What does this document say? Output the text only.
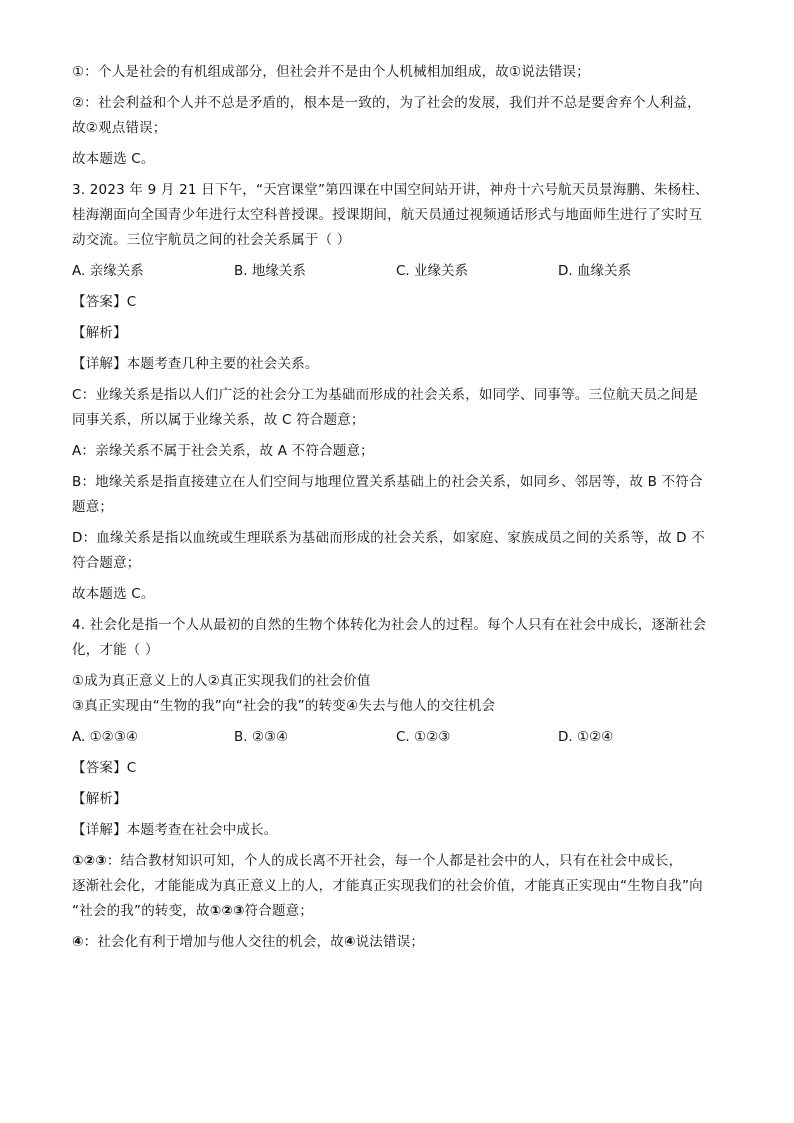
①：个人是社会的有机组成部分，但社会并不是由个人机械相加组成，故①说法错误；

②：社会利益和个人并不总是矛盾的，根本是一致的，为了社会的发展，我们并不总是要舍弃个人利益，

故②观点错误；

故本题选 C。

3. 2023 年 9 月 21 日下午，“天宫课堂”第四课在中国空间站开讲，神舟十六号航天员景海鹏、朱杨柱、

桂海潮面向全国青少年进行太空科普授课。授课期间，航天员通过视频通话形式与地面师生进行了实时互

动交流。三位宇航员之间的社会关系属于（ ）

A. 亲缘关系	B. 地缘关系	C. 业缘关系	D. 血缘关系

【答案】C

【解析】

【详解】本题考查几种主要的社会关系。

C：业缘关系是指以人们广泛的社会分工为基础而形成的社会关系，如同学、同事等。三位航天员之间是

同事关系，所以属于业缘关系，故 C 符合题意；

A：亲缘关系不属于社会关系，故 A 不符合题意；

B：地缘关系是指直接建立在人们空间与地理位置关系基础上的社会关系，如同乡、邻居等，故 B 不符合

题意；

D：血缘关系是指以血统或生理联系为基础而形成的社会关系，如家庭、家族成员之间的关系等，故 D 不

符合题意；

故本题选 C。

4. 社会化是指一个人从最初的自然的生物个体转化为社会人的过程。每个人只有在社会中成长，逐渐社会

化，才能（ ）

①成为真正意义上的人②真正实现我们的社会价值

③真正实现由“生物的我”向“社会的我”的转变④失去与他人的交往机会

A. ①②③④	B. ②③④	C. ①②③	D. ①②④

【答案】C

【解析】

【详解】本题考查在社会中成长。

①②③：结合教材知识可知，个人的成长离不开社会，每一个人都是社会中的人，只有在社会中成长，

逐渐社会化，才能能成为真正意义上的人，才能真正实现我们的社会价值，才能真正实现由“生物自我”向

“社会的我”的转变，故①②③符合题意；

④：社会化有利于增加与他人交往的机会，故④说法错误；
